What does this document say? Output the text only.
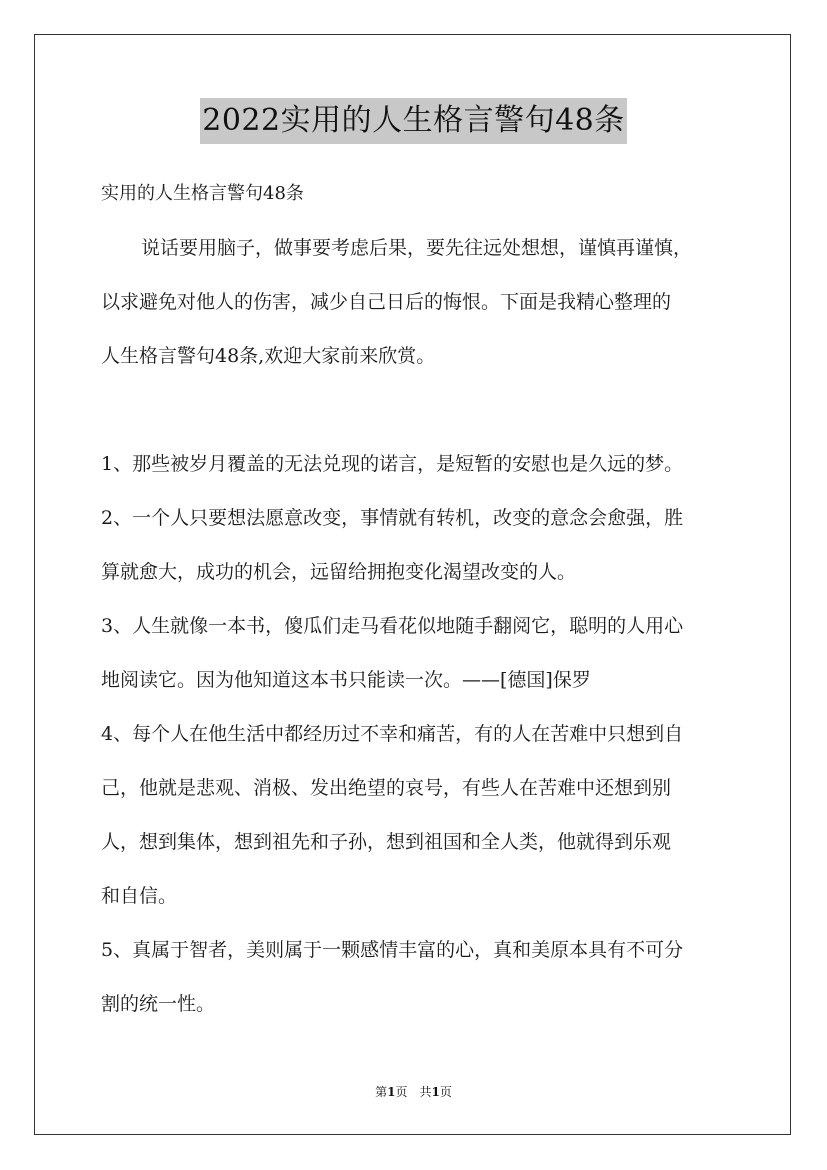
2022实用的人生格言警句48条
实用的人生格言警句48条
说话要用脑子，做事要考虑后果，要先往远处想想，谨慎再谨慎，
以求避免对他人的伤害，减少自己日后的悔恨。下面是我精心整理的
人生格言警句48条,欢迎大家前来欣赏。
1、那些被岁月覆盖的无法兑现的诺言，是短暂的安慰也是久远的梦。
2、一个人只要想法愿意改变，事情就有转机，改变的意念会愈强，胜
算就愈大，成功的机会，远留给拥抱变化渴望改变的人。
3、人生就像一本书，傻瓜们走马看花似地随手翻阅它，聪明的人用心
地阅读它。因为他知道这本书只能读一次。——[德国]保罗
4、每个人在他生活中都经历过不幸和痛苦，有的人在苦难中只想到自
己，他就是悲观、消极、发出绝望的哀号，有些人在苦难中还想到别
人，想到集体，想到祖先和子孙，想到祖国和全人类，他就得到乐观
和自信。
5、真属于智者，美则属于一颗感情丰富的心，真和美原本具有不可分
割的统一性。
第1页　共1页
